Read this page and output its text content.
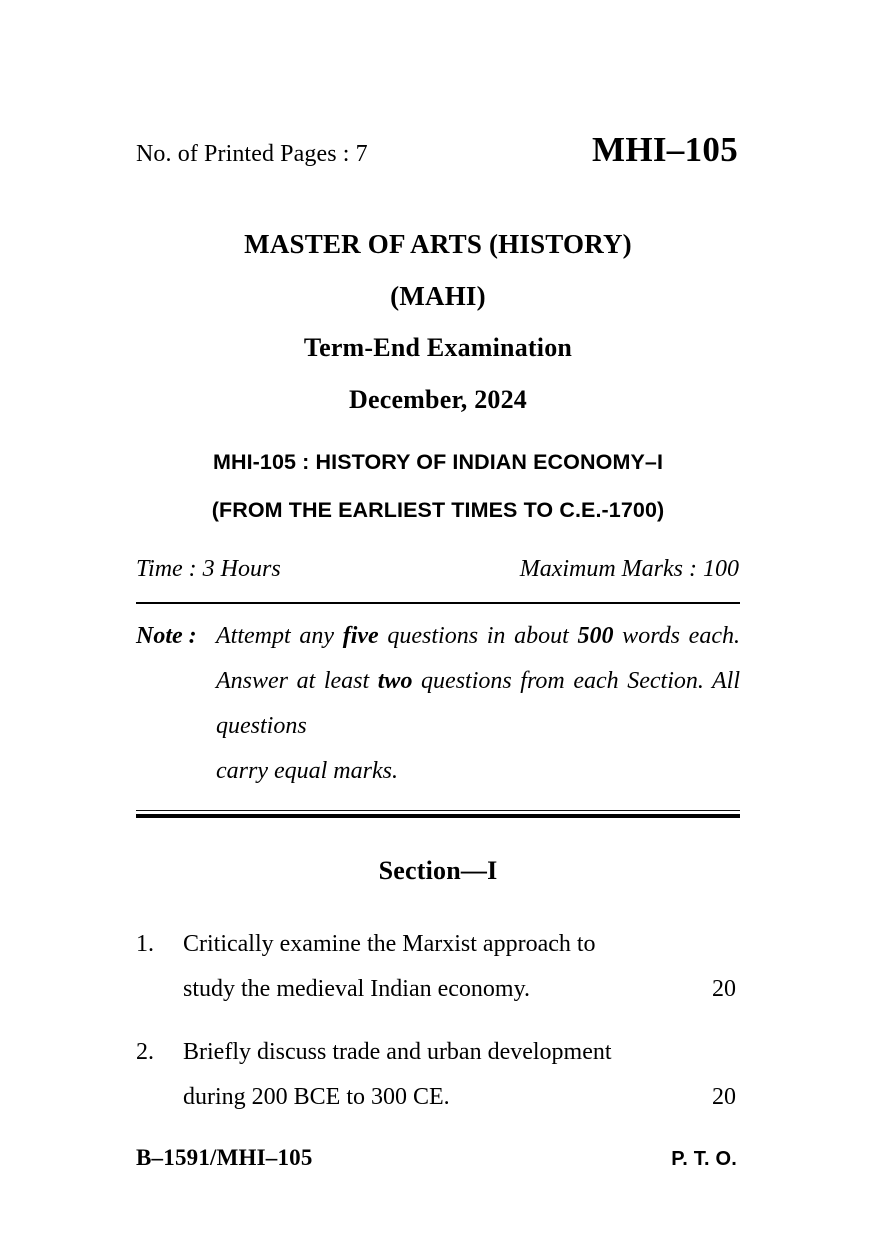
No. of Printed Pages : 7	MHI–105
MASTER OF ARTS (HISTORY)
(MAHI)
Term-End Examination
December, 2024
MHI-105 : HISTORY OF INDIAN ECONOMY–I
(FROM THE EARLIEST TIMES TO C.E.-1700)
Time : 3 Hours	Maximum Marks : 100
Note : Attempt any five questions in about 500 words each. Answer at least two questions from each Section. All questions
carry equal marks.
Section—I
1. Critically examine the Marxist approach to
study the medieval Indian economy.	20
2. Briefly discuss trade and urban development
during 200 BCE to 300 CE.	20
B–1591/MHI–105	P. T. O.
